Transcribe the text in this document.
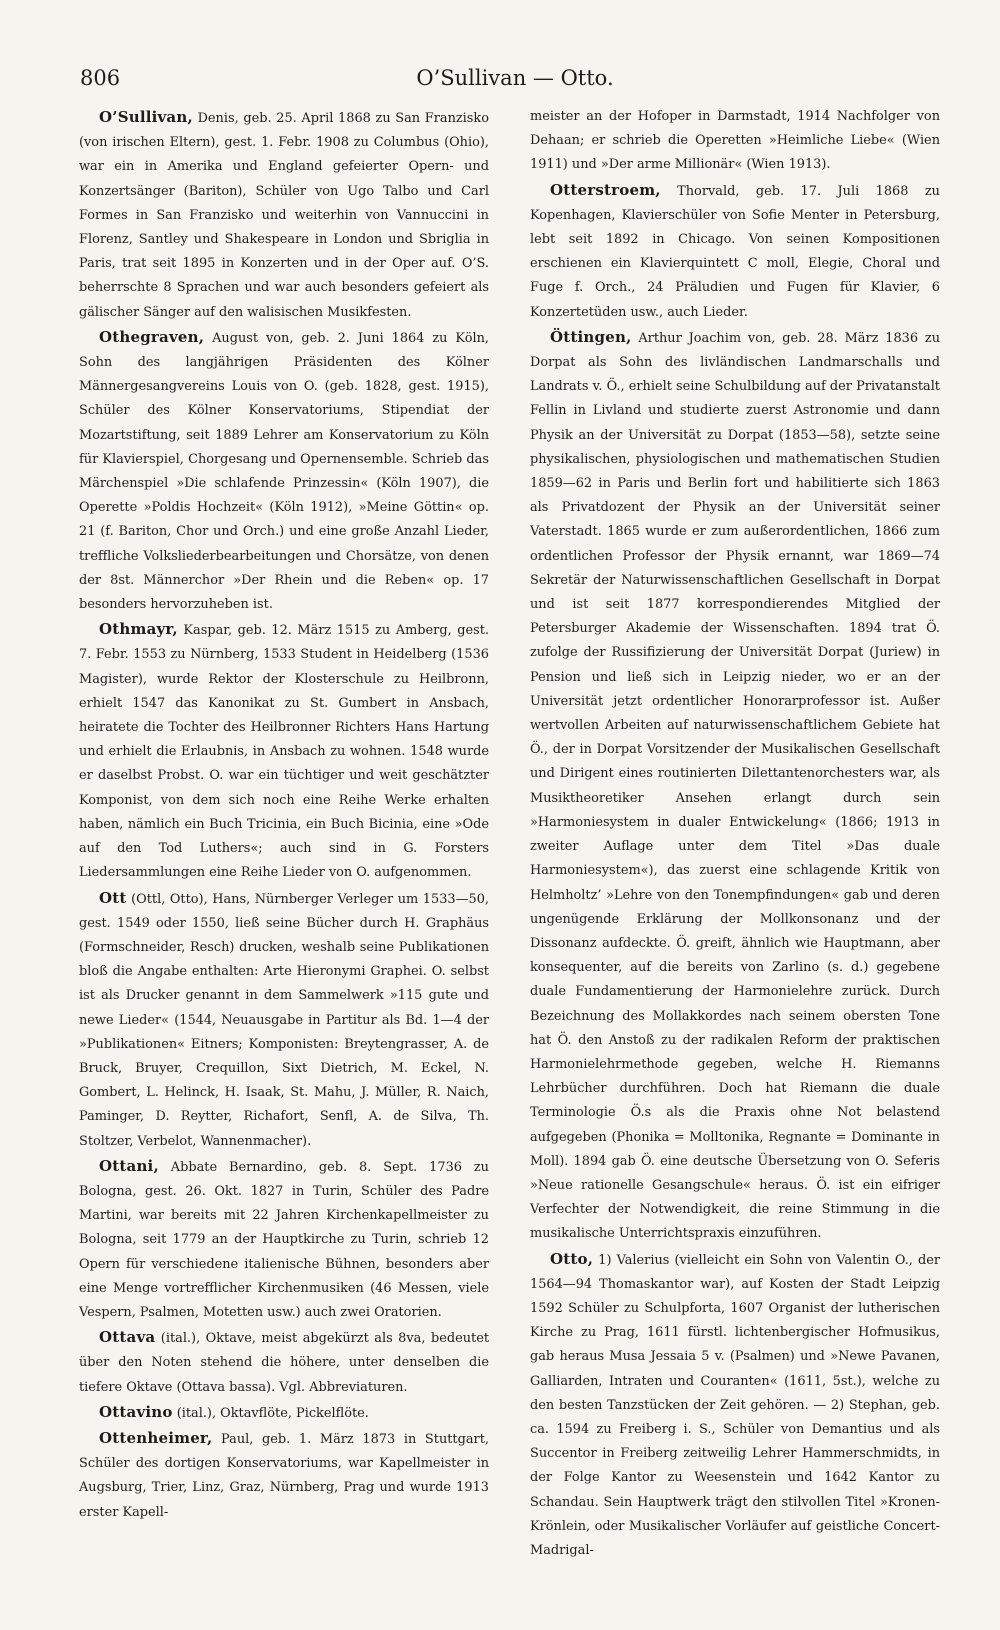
806	O’Sullivan — Otto.

O’Sullivan, Denis, geb. 25. April 1868 zu San Franzisko (von irischen Eltern), gest. 1. Febr. 1908 zu Columbus (Ohio), war ein in Amerika und England gefeierter Opern- und Konzertsänger (Bariton), Schüler von Ugo Talbo und Carl Formes in San Franzisko und weiterhin von Vannuccini in Florenz, Santley und Shakespeare in London und Sbriglia in Paris, trat seit 1895 in Konzerten und in der Oper auf. O’S. beherrschte 8 Sprachen und war auch besonders gefeiert als gälischer Sänger auf den walisischen Musikfesten.

Othegraven, August von, geb. 2. Juni 1864 zu Köln, Sohn des langjährigen Präsidenten des Kölner Männergesangvereins Louis von O. (geb. 1828, gest. 1915), Schüler des Kölner Konservatoriums, Stipendiat der Mozartstiftung, seit 1889 Lehrer am Konservatorium zu Köln für Klavierspiel, Chorgesang und Opernensemble. Schrieb das Märchenspiel »Die schlafende Prinzessin« (Köln 1907), die Operette »Poldis Hochzeit« (Köln 1912), »Meine Göttin« op. 21 (f. Bariton, Chor und Orch.) und eine große Anzahl Lieder, treffliche Volksliederbearbeitungen und Chorsätze, von denen der 8st. Männerchor »Der Rhein und die Reben« op. 17 besonders hervorzuheben ist.

Othmayr, Kaspar, geb. 12. März 1515 zu Amberg, gest. 7. Febr. 1553 zu Nürnberg, 1533 Student in Heidelberg (1536 Magister), wurde Rektor der Klosterschule zu Heilbronn, erhielt 1547 das Kanonikat zu St. Gumbert in Ansbach, heiratete die Tochter des Heilbronner Richters Hans Hartung und erhielt die Erlaubnis, in Ansbach zu wohnen. 1548 wurde er daselbst Probst. O. war ein tüchtiger und weit geschätzter Komponist, von dem sich noch eine Reihe Werke erhalten haben, nämlich ein Buch Tricinia, ein Buch Bicinia, eine »Ode auf den Tod Luthers«; auch sind in G. Forsters Liedersammlungen eine Reihe Lieder von O. aufgenommen.

Ott (Ottl, Otto), Hans, Nürnberger Verleger um 1533—50, gest. 1549 oder 1550, ließ seine Bücher durch H. Graphäus (Formschneider, Resch) drucken, weshalb seine Publikationen bloß die Angabe enthalten: Arte Hieronymi Graphei. O. selbst ist als Drucker genannt in dem Sammelwerk »115 gute und newe Lieder« (1544, Neuausgabe in Partitur als Bd. 1—4 der »Publikationen« Eitners; Komponisten: Breytengrasser, A. de Bruck, Bruyer, Crequillon, Sixt Dietrich, M. Eckel, N. Gombert, L. Helinck, H. Isaak, St. Mahu, J. Müller, R. Naich, Paminger, D. Reytter, Richafort, Senfl, A. de Silva, Th. Stoltzer, Verbelot, Wannenmacher).

Ottani, Abbate Bernardino, geb. 8. Sept. 1736 zu Bologna, gest. 26. Okt. 1827 in Turin, Schüler des Padre Martini, war bereits mit 22 Jahren Kirchenkapellmeister zu Bologna, seit 1779 an der Hauptkirche zu Turin, schrieb 12 Opern für verschiedene italienische Bühnen, besonders aber eine Menge vortrefflicher Kirchenmusiken (46 Messen, viele Vespern, Psalmen, Motetten usw.) auch zwei Oratorien.

Ottava (ital.), Oktave, meist abgekürzt als 8va, bedeutet über den Noten stehend die höhere, unter denselben die tiefere Oktave (Ottava bassa). Vgl. Abbreviaturen.

Ottavino (ital.), Oktavflöte, Pickelflöte.

Ottenheimer, Paul, geb. 1. März 1873 in Stuttgart, Schüler des dortigen Konservatoriums, war Kapellmeister in Augsburg, Trier, Linz, Graz, Nürnberg, Prag und wurde 1913 erster Kapell-

meister an der Hofoper in Darmstadt, 1914 Nachfolger von Dehaan; er schrieb die Operetten »Heimliche Liebe« (Wien 1911) und »Der arme Millionär« (Wien 1913).

Otterstroem, Thorvald, geb. 17. Juli 1868 zu Kopenhagen, Klavierschüler von Sofie Menter in Petersburg, lebt seit 1892 in Chicago. Von seinen Kompositionen erschienen ein Klavierquintett C moll, Elegie, Choral und Fuge f. Orch., 24 Präludien und Fugen für Klavier, 6 Konzertetüden usw., auch Lieder.

Öttingen, Arthur Joachim von, geb. 28. März 1836 zu Dorpat als Sohn des livländischen Landmarschalls und Landrats v. Ö., erhielt seine Schulbildung auf der Privatanstalt Fellin in Livland und studierte zuerst Astronomie und dann Physik an der Universität zu Dorpat (1853—58), setzte seine physikalischen, physiologischen und mathematischen Studien 1859—62 in Paris und Berlin fort und habilitierte sich 1863 als Privatdozent der Physik an der Universität seiner Vaterstadt. 1865 wurde er zum außerordentlichen, 1866 zum ordentlichen Professor der Physik ernannt, war 1869—74 Sekretär der Naturwissenschaftlichen Gesellschaft in Dorpat und ist seit 1877 korrespondierendes Mitglied der Petersburger Akademie der Wissenschaften. 1894 trat Ö. zufolge der Russifizierung der Universität Dorpat (Juriew) in Pension und ließ sich in Leipzig nieder, wo er an der Universität jetzt ordentlicher Honorarprofessor ist. Außer wertvollen Arbeiten auf naturwissenschaftlichem Gebiete hat Ö., der in Dorpat Vorsitzender der Musikalischen Gesellschaft und Dirigent eines routinierten Dilettantenorchesters war, als Musiktheoretiker Ansehen erlangt durch sein »Harmoniesystem in dualer Entwickelung« (1866; 1913 in zweiter Auflage unter dem Titel »Das duale Harmoniesystem«), das zuerst eine schlagende Kritik von Helmholtz’ »Lehre von den Tonempfindungen« gab und deren ungenügende Erklärung der Mollkonsonanz und der Dissonanz aufdeckte. Ö. greift, ähnlich wie Hauptmann, aber konsequenter, auf die bereits von Zarlino (s. d.) gegebene duale Fundamentierung der Harmonielehre zurück. Durch Bezeichnung des Mollakkordes nach seinem obersten Tone hat Ö. den Anstoß zu der radikalen Reform der praktischen Harmonielehrmethode gegeben, welche H. Riemanns Lehrbücher durchführen. Doch hat Riemann die duale Terminologie Ö.s als die Praxis ohne Not belastend aufgegeben (Phonika = Molltonika, Regnante = Dominante in Moll). 1894 gab Ö. eine deutsche Übersetzung von O. Seferis »Neue rationelle Gesangschule« heraus. Ö. ist ein eifriger Verfechter der Notwendigkeit, die reine Stimmung in die musikalische Unterrichtspraxis einzuführen.

Otto, 1) Valerius (vielleicht ein Sohn von Valentin O., der 1564—94 Thomaskantor war), auf Kosten der Stadt Leipzig 1592 Schüler zu Schulpforta, 1607 Organist der lutherischen Kirche zu Prag, 1611 fürstl. lichtenbergischer Hofmusikus, gab heraus Musa Jessaia 5 v. (Psalmen) und »Newe Pavanen, Galliarden, Intraten und Couranten« (1611, 5st.), welche zu den besten Tanzstücken der Zeit gehören. — 2) Stephan, geb. ca. 1594 zu Freiberg i. S., Schüler von Demantius und als Succentor in Freiberg zeitweilig Lehrer Hammerschmidts, in der Folge Kantor zu Weesenstein und 1642 Kantor zu Schandau. Sein Hauptwerk trägt den stilvollen Titel »Kronen-Krönlein, oder Musikalischer Vorläufer auf geistliche Concert-Madrigal-
